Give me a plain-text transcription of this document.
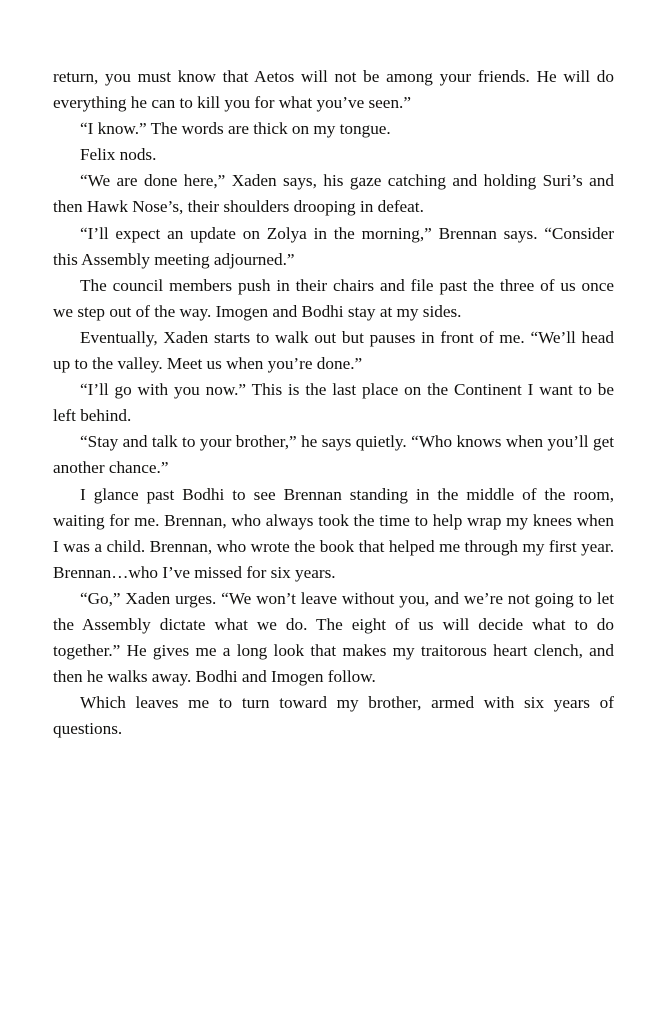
return, you must know that Aetos will not be among your friends. He will do everything he can to kill you for what you’ve seen.”

“I know.” The words are thick on my tongue.

Felix nods.

“We are done here,” Xaden says, his gaze catching and holding Suri’s and then Hawk Nose’s, their shoulders drooping in defeat.

“I’ll expect an update on Zolya in the morning,” Brennan says. “Consider this Assembly meeting adjourned.”

The council members push in their chairs and file past the three of us once we step out of the way. Imogen and Bodhi stay at my sides.

Eventually, Xaden starts to walk out but pauses in front of me. “We’ll head up to the valley. Meet us when you’re done.”

“I’ll go with you now.” This is the last place on the Continent I want to be left behind.

“Stay and talk to your brother,” he says quietly. “Who knows when you’ll get another chance.”

I glance past Bodhi to see Brennan standing in the middle of the room, waiting for me. Brennan, who always took the time to help wrap my knees when I was a child. Brennan, who wrote the book that helped me through my first year. Brennan…who I’ve missed for six years.

“Go,” Xaden urges. “We won’t leave without you, and we’re not going to let the Assembly dictate what we do. The eight of us will decide what to do together.” He gives me a long look that makes my traitorous heart clench, and then he walks away. Bodhi and Imogen follow.

Which leaves me to turn toward my brother, armed with six years of questions.
